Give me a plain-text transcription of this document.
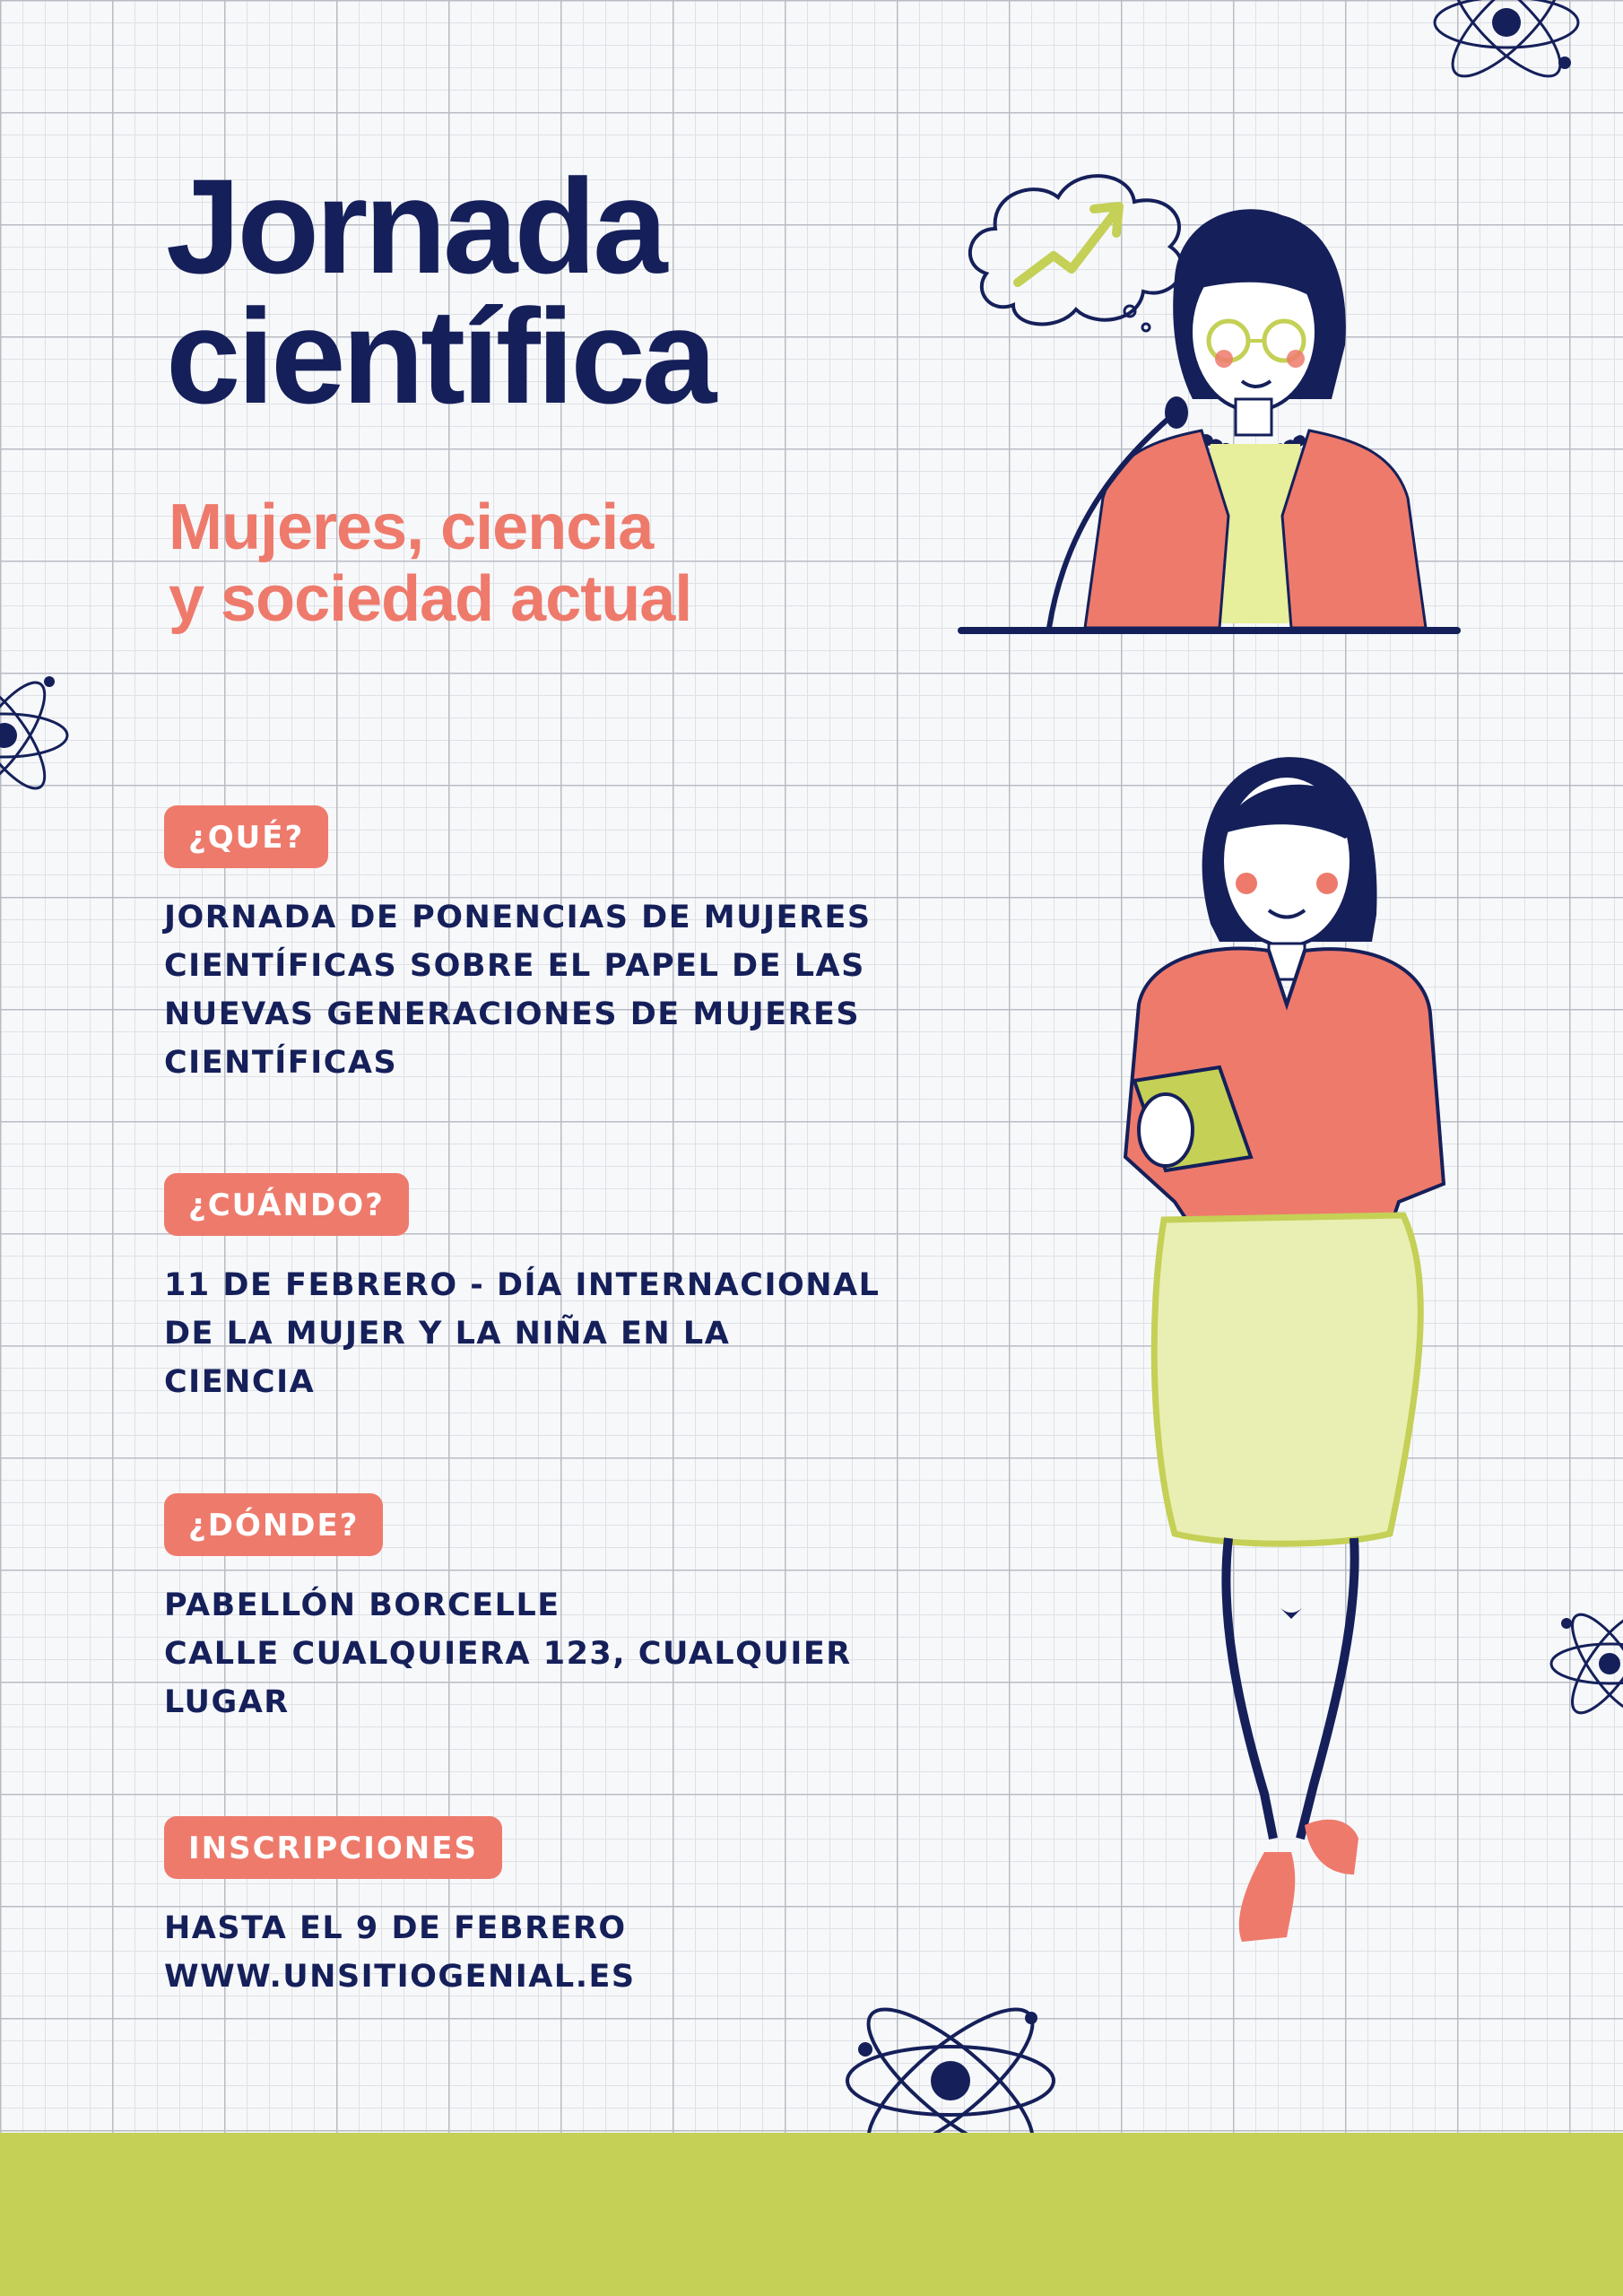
Jornada
científica
Mujeres, ciencia
y sociedad actual
¿QUÉ?
JORNADA DE PONENCIAS DE MUJERES
CIENTÍFICAS SOBRE EL PAPEL DE LAS
NUEVAS GENERACIONES DE MUJERES
CIENTÍFICAS
¿CUÁNDO?
11 DE FEBRERO - DÍA INTERNACIONAL
DE LA MUJER Y LA NIÑA EN LA
CIENCIA
¿DÓNDE?
PABELLÓN BORCELLE
CALLE CUALQUIERA 123, CUALQUIER
LUGAR
INSCRIPCIONES
HASTA EL 9 DE FEBRERO
WWW.UNSITIOGENIAL.ES
